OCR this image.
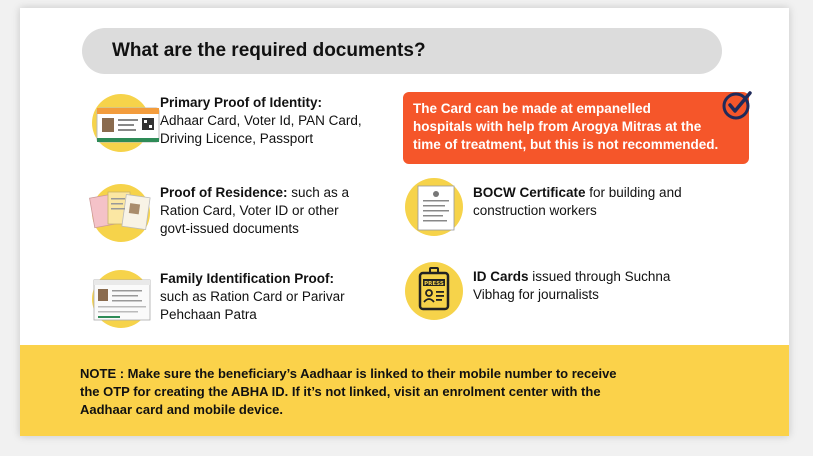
What are the required documents?
Primary Proof of Identity:
Adhaar Card, Voter Id, PAN Card,
Driving Licence, Passport
Proof of Residence: such as a
Ration Card, Voter ID or other
govt-issued documents
Family Identification Proof:
such as Ration Card or Parivar
Pehchaan Patra
The Card can be made at empanelled
hospitals with help from Arogya Mitras at the
time of treatment, but this is not recommended.
BOCW Certificate for building and
construction workers
PRESS ID Cards issued through Suchna
Vibhag for journalists
NOTE : Make sure the beneficiary’s Aadhaar is linked to their mobile number to receive
the OTP for creating the ABHA ID. If it’s not linked, visit an enrolment center with the
Aadhaar card and mobile device.
